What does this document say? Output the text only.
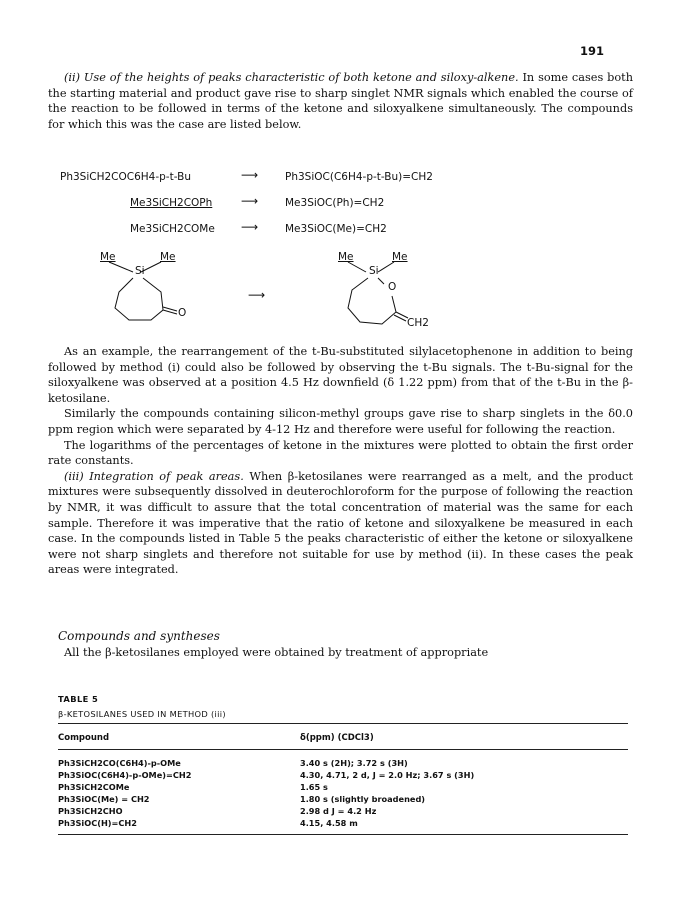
191

(ii) Use of the heights of peaks characteristic of both ketone and siloxy-alkene. In some cases both the starting material and product gave rise to sharp singlet NMR signals which enabled the course of the reaction to be followed in terms of the ketone and siloxyalkene simultaneously. The compounds for which this was the case are listed below.

Ph3SiCH2COC6H4-p-t-Bu	⟶	Ph3SiOC(C6H4-p-t-Bu)=CH2
Me3SiCH2COPh ⟶	Me3SiOC(Ph)=CH2
Me3SiCH2COMe ⟶	Me3SiOC(Me)=CH2
Me	Me
Si
O
⟶
Me	Me
Si
O
CH2

As an example, the rearrangement of the t-Bu-substituted silylacetophenone in addition to being followed by method (i) could also be followed by observing the t-Bu signals. The t-Bu-signal for the siloxyalkene was observed at a position 4.5 Hz downfield (δ 1.22 ppm) from that of the t-Bu in the β-ketosilane.

Similarly the compounds containing silicon-methyl groups gave rise to sharp singlets in the δ0.0 ppm region which were separated by 4-12 Hz and therefore were useful for following the reaction.

The logarithms of the percentages of ketone in the mixtures were plotted to obtain the first order rate constants.

(iii) Integration of peak areas. When β-ketosilanes were rearranged as a melt, and the product mixtures were subsequently dissolved in deuterochloroform for the purpose of following the reaction by NMR, it was difficult to assure that the total concentration of material was the same for each sample. Therefore it was imperative that the ratio of ketone and siloxyalkene be measured in each case. In the compounds listed in Table 5 the peaks characteristic of either the ketone or siloxyalkene were not sharp singlets and therefore not suitable for use by method (ii). In these cases the peak areas were integrated.

Compounds and syntheses

All the β-ketosilanes employed were obtained by treatment of appropriate

TABLE 5
β-KETOSILANES USED IN METHOD (iii)
Compound	δ(ppm) (CDCl3)
Ph3SiCH2CO(C6H4)-p-OMe	3.40 s (2H); 3.72 s (3H)
Ph3SiOC(C6H4)-p-OMe)=CH2	4.30, 4.71, 2 d, J = 2.0 Hz; 3.67 s (3H)
Ph3SiCH2COMe	1.65 s
Ph3SiOC(Me) = CH2	1.80 s (slightly broadened)
Ph3SiCH2CHO	2.98 d J = 4.2 Hz
Ph3SiOC(H)=CH2	4.15, 4.58 m
